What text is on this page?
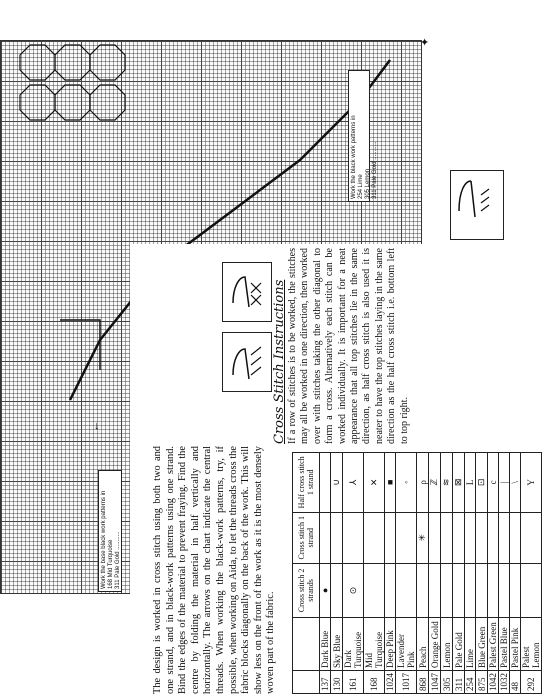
✦
↓
Work the black work patterns in 254 Lime 305 Lemon 311 Pale Gold ...........
Work the base black work patterns in 168 Mid Turquoise 311 Pale Gold ...........
Cross Stitch Instructions If a row of stitches is to be worked, the stitches may all be worked in one direction, then worked over with stitches taking the other diagonal to form a cross. Alternatively each stitch can be worked individually. It is important for a neat appearance that all top stitches lie in the same direction, as half cross stitch is also used it is neater to have the top stitches laying in the same direction as the half cross stitch i.e. bottom left to top right.
The design is worked in cross stitch using both two and one strand, and in black-work patterns using one strand. Bind the edges of the material to prevent fraying. Find the centre by folding the material in half vertically and horizontally. The arrows on the chart indicate the central threads. When working the black-work patterns, try, if possible, when working on Aida, to let the threads cross the fabric blocks diagonally on the back of the work. This will show less on the front of the work as it is the most densely woven part of the fabric.
		Cross stitch 2 strands	Cross stitch 1 strand	Half cross stitch 1 strand
137	Dark Blue	●		
130	Sky Blue			∪
161	Dark Turquoise	⊙		⅄
168	Mid Turquoise			✕
1024	Deep Pink			■
1017	Lavender Pink			◦
868	Peach		✳	ρ
1047	Orange Gold			ℤ
305	Lemon			≋
311	Pale Gold			⊠
254	Lime			L
875	Blue Green			⊡
1042	Palest Green			c
1032	Pastel Blue			|
48	Pastel Pink			\
292	Palest Lemon			Y
